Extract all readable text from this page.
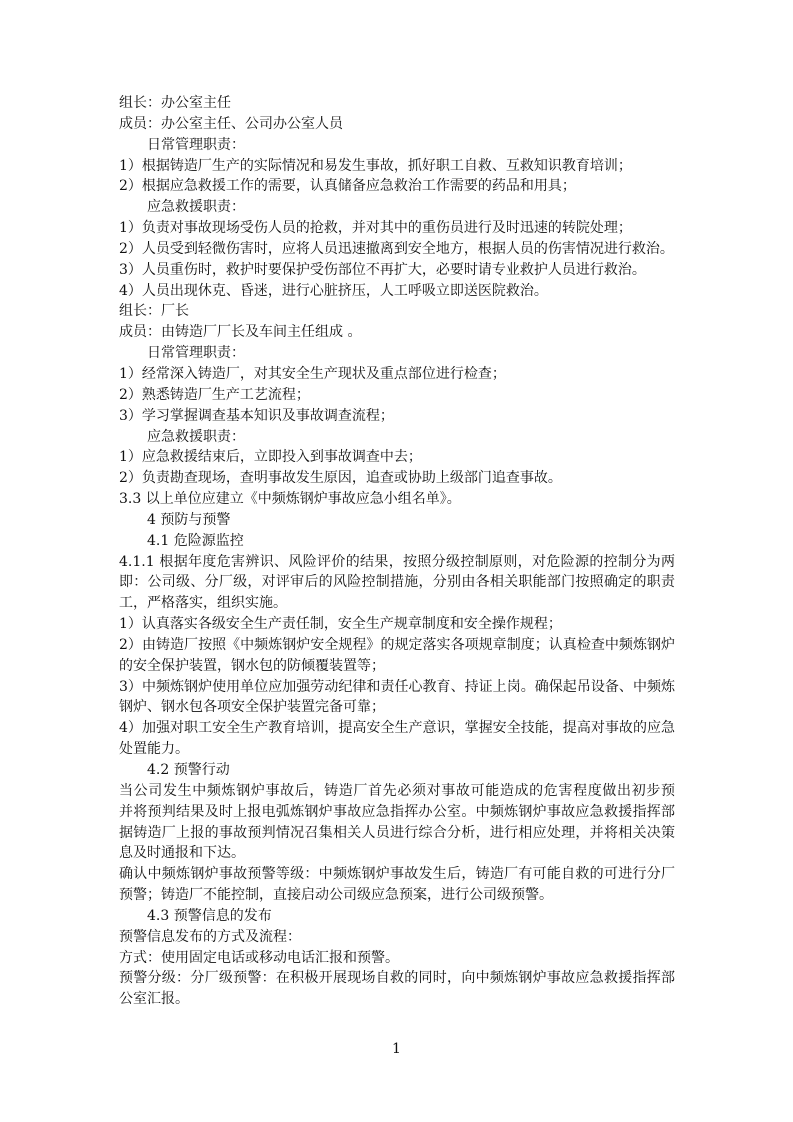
组长：办公室主任
成员：办公室主任、公司办公室人员
日常管理职责：
1）根据铸造厂生产的实际情况和易发生事故，抓好职工自救、互救知识教育培训；
2）根据应急救援工作的需要，认真储备应急救治工作需要的药品和用具；
应急救援职责：
1）负责对事故现场受伤人员的抢救，并对其中的重伤员进行及时迅速的转院处理；
2）人员受到轻微伤害时，应将人员迅速撤离到安全地方，根据人员的伤害情况进行救治。
3）人员重伤时，救护时要保护受伤部位不再扩大，必要时请专业救护人员进行救治。
4）人员出现休克、昏迷，进行心脏挤压，人工呼吸立即送医院救治。
组长：厂长
成员：由铸造厂厂长及车间主任组成 。
日常管理职责：
1）经常深入铸造厂，对其安全生产现状及重点部位进行检查；
2）熟悉铸造厂生产工艺流程；
3）学习掌握调查基本知识及事故调查流程；
应急救援职责：
1）应急救援结束后，立即投入到事故调查中去；
2）负责勘查现场，查明事故发生原因，追查或协助上级部门追查事故。
3.3 以上单位应建立《中频炼钢炉事故应急小组名单》。
4 预防与预警
4.1 危险源监控
4.1.1 根据年度危害辨识、风险评价的结果，按照分级控制原则，对危险源的控制分为两
即：公司级、分厂级，对评审后的风险控制措施，分别由各相关职能部门按照确定的职责
工，严格落实，组织实施。
1）认真落实各级安全生产责任制，安全生产规章制度和安全操作规程；
2）由铸造厂按照《中频炼钢炉安全规程》的规定落实各项规章制度；认真检查中频炼钢炉
的安全保护装置，钢水包的防倾覆装置等；
3）中频炼钢炉使用单位应加强劳动纪律和责任心教育、持证上岗。确保起吊设备、中频炼
钢炉、钢水包各项安全保护装置完备可靠；
4）加强对职工安全生产教育培训，提高安全生产意识，掌握安全技能，提高对事故的应急
处置能力。
4.2 预警行动
当公司发生中频炼钢炉事故后，铸造厂首先必须对事故可能造成的危害程度做出初步预
并将预判结果及时上报电弧炼钢炉事故应急指挥办公室。中频炼钢炉事故应急救援指挥部
据铸造厂上报的事故预判情况召集相关人员进行综合分析，进行相应处理，并将相关决策
息及时通报和下达。
确认中频炼钢炉事故预警等级：中频炼钢炉事故发生后，铸造厂有可能自救的可进行分厂
预警；铸造厂不能控制，直接启动公司级应急预案，进行公司级预警。
4.3 预警信息的发布
预警信息发布的方式及流程：
方式：使用固定电话或移动电话汇报和预警。
预警分级：分厂级预警：在积极开展现场自救的同时，向中频炼钢炉事故应急救援指挥部
公室汇报。
1
